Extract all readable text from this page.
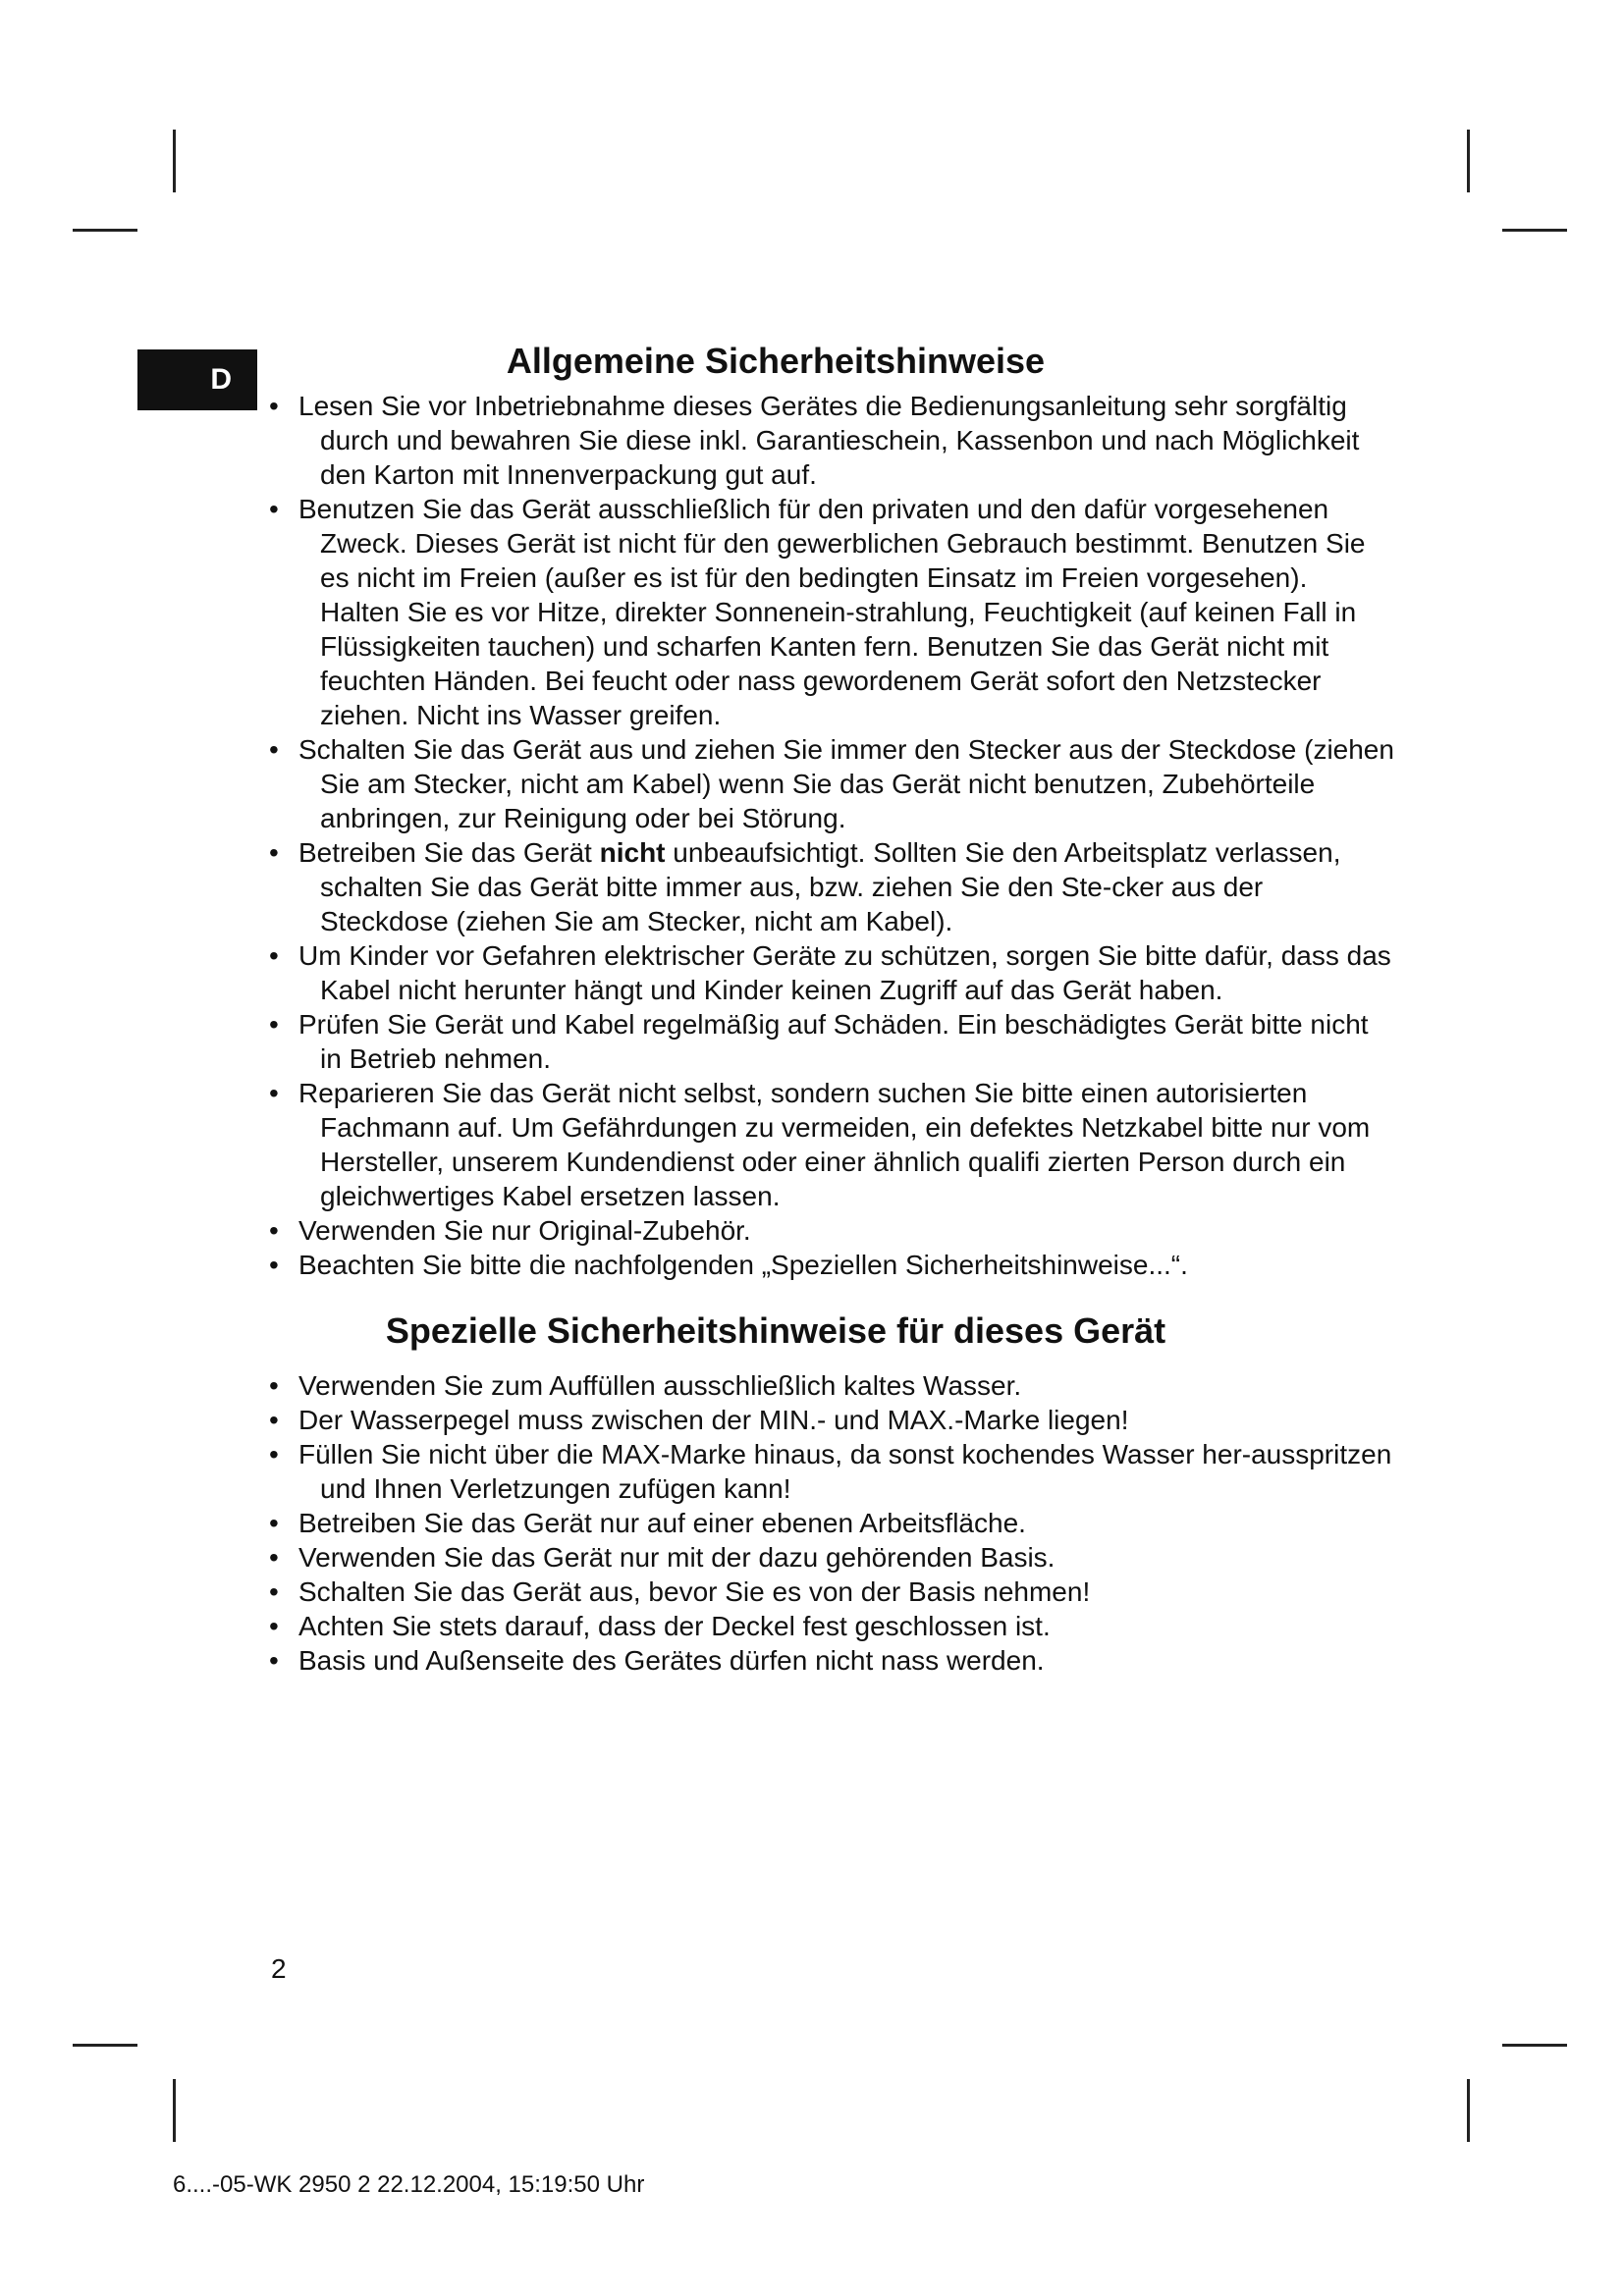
D	Allgemeine Sicherheitshinweise
• Lesen Sie vor Inbetriebnahme dieses Gerätes die Bedienungsanleitung sehr sorgfältig durch und bewahren Sie diese inkl. Garantieschein, Kassenbon und nach Möglichkeit den Karton mit Innenverpackung gut auf.
• Benutzen Sie das Gerät ausschließlich für den privaten und den dafür vorgesehenen Zweck. Dieses Gerät ist nicht für den gewerblichen Gebrauch bestimmt. Benutzen Sie es nicht im Freien (außer es ist für den bedingten Einsatz im Freien vorgesehen). Halten Sie es vor Hitze, direkter Sonnenein-strahlung, Feuchtigkeit (auf keinen Fall in Flüssigkeiten tauchen) und scharfen Kanten fern. Benutzen Sie das Gerät nicht mit feuchten Händen. Bei feucht oder nass gewordenem Gerät sofort den Netzstecker ziehen. Nicht ins Wasser greifen.
• Schalten Sie das Gerät aus und ziehen Sie immer den Stecker aus der Steckdose (ziehen Sie am Stecker, nicht am Kabel) wenn Sie das Gerät nicht benutzen, Zubehörteile anbringen, zur Reinigung oder bei Störung.
• Betreiben Sie das Gerät nicht unbeaufsichtigt. Sollten Sie den Arbeitsplatz verlassen, schalten Sie das Gerät bitte immer aus, bzw. ziehen Sie den Ste-cker aus der Steckdose (ziehen Sie am Stecker, nicht am Kabel).
• Um Kinder vor Gefahren elektrischer Geräte zu schützen, sorgen Sie bitte dafür, dass das Kabel nicht herunter hängt und Kinder keinen Zugriff auf das Gerät haben.
• Prüfen Sie Gerät und Kabel regelmäßig auf Schäden. Ein beschädigtes Gerät bitte nicht in Betrieb nehmen.
• Reparieren Sie das Gerät nicht selbst, sondern suchen Sie bitte einen autorisierten Fachmann auf. Um Gefährdungen zu vermeiden, ein defektes Netzkabel bitte nur vom Hersteller, unserem Kundendienst oder einer ähnlich qualifi zierten Person durch ein gleichwertiges Kabel ersetzen lassen.
• Verwenden Sie nur Original-Zubehör.
• Beachten Sie bitte die nachfolgenden „Speziellen Sicherheitshinweise...“.
Spezielle Sicherheitshinweise für dieses Gerät
• Verwenden Sie zum Auffüllen ausschließlich kaltes Wasser.
• Der Wasserpegel muss zwischen der MIN.- und MAX.-Marke liegen!
• Füllen Sie nicht über die MAX-Marke hinaus, da sonst kochendes Wasser her-ausspritzen und Ihnen Verletzungen zufügen kann!
• Betreiben Sie das Gerät nur auf einer ebenen Arbeitsfläche.
• Verwenden Sie das Gerät nur mit der dazu gehörenden Basis.
• Schalten Sie das Gerät aus, bevor Sie es von der Basis nehmen!
• Achten Sie stets darauf, dass der Deckel fest geschlossen ist.
• Basis und Außenseite des Gerätes dürfen nicht nass werden.
2
6....-05-WK 2950 2 22.12.2004, 15:19:50 Uhr
